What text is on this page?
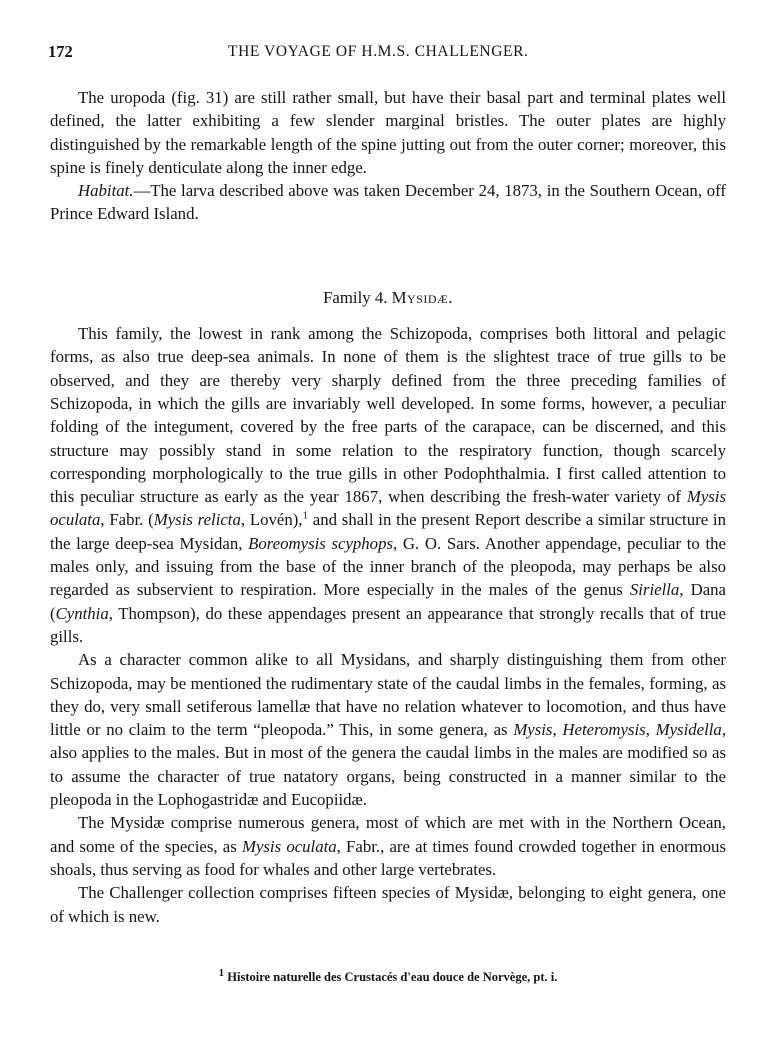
172	THE VOYAGE OF H.M.S. CHALLENGER.

The uropoda (fig. 31) are still rather small, but have their basal part and terminal plates well defined, the latter exhibiting a few slender marginal bristles. The outer plates are highly distinguished by the remarkable length of the spine jutting out from the outer corner; moreover, this spine is finely denticulate along the inner edge.

Habitat.—The larva described above was taken December 24, 1873, in the Southern Ocean, off Prince Edward Island.

Family 4. Mysidæ.

This family, the lowest in rank among the Schizopoda, comprises both littoral and pelagic forms, as also true deep-sea animals. In none of them is the slightest trace of true gills to be observed, and they are thereby very sharply defined from the three preceding families of Schizopoda, in which the gills are invariably well developed. In some forms, however, a peculiar folding of the integument, covered by the free parts of the carapace, can be discerned, and this structure may possibly stand in some relation to the respiratory function, though scarcely corresponding morphologically to the true gills in other Podophthalmia. I first called attention to this peculiar structure as early as the year 1867, when describing the fresh-water variety of Mysis oculata, Fabr. (Mysis relicta, Lovén),$^1$ and shall in the present Report describe a similar structure in the large deep-sea Mysidan, Boreomysis scyphops, G. O. Sars. Another appendage, peculiar to the males only, and issuing from the base of the inner branch of the pleopoda, may perhaps be also regarded as subservient to respiration. More especially in the males of the genus Siriella, Dana (Cynthia, Thompson), do these appendages present an appearance that strongly recalls that of true gills.

As a character common alike to all Mysidans, and sharply distinguishing them from other Schizopoda, may be mentioned the rudimentary state of the caudal limbs in the females, forming, as they do, very small setiferous lamellæ that have no relation whatever to locomotion, and thus have little or no claim to the term “pleopoda.” This, in some genera, as Mysis, Heteromysis, Mysidella, also applies to the males. But in most of the genera the caudal limbs in the males are modified so as to assume the character of true natatory organs, being constructed in a manner similar to the pleopoda in the Lophogastridæ and Eucopiidæ.

The Mysidæ comprise numerous genera, most of which are met with in the Northern Ocean, and some of the species, as Mysis oculata, Fabr., are at times found crowded together in enormous shoals, thus serving as food for whales and other large vertebrates.

The Challenger collection comprises fifteen species of Mysidæ, belonging to eight genera, one of which is new.

1 Histoire naturelle des Crustacés d'eau douce de Norvège, pt. i.
